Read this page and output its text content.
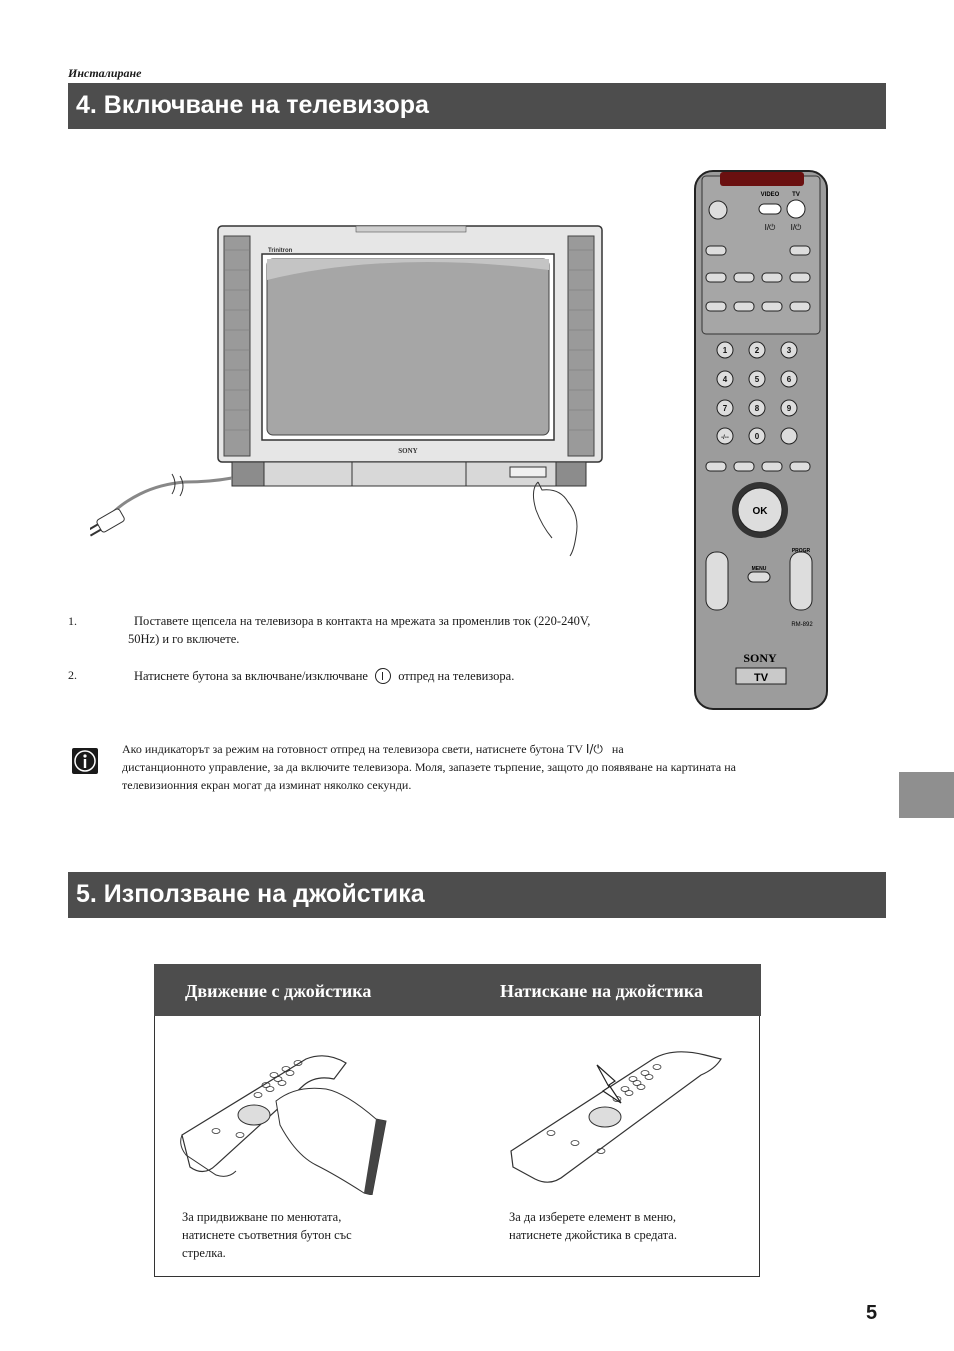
Инсталиране
4. Включване на телевизора
Trinitron
SONY
VIDEO TV
I/⏻ I/⏻
1	2	3
4	5	6
7	8	9
-/--	0
OK
MENU
PROGR
RM-892
SONY
TV
1.	Поставете щепсела на телевизора в контакта на мрежата за променлив ток (220-240V,
50Hz) и го включете.
2.	Натиснете бутона за включване/изключване отпред на телевизора.
Ако индикаторът за режим на готовност отпред на телевизора свети, натиснете бутона TV I/⏻ на
дистанционното управление, за да включите телевизора. Моля, запазете търпение, защото до появяване на картината на
телевизионния екран могат да изминат няколко секунди.
5. Използване на джойстика
Движение с джойстика	Натискане на джойстика
За придвижване по менютата,
натиснете съответния бутон със
стрелка.
За да изберете елемент в меню,
натиснете джойстика в средата.
5
